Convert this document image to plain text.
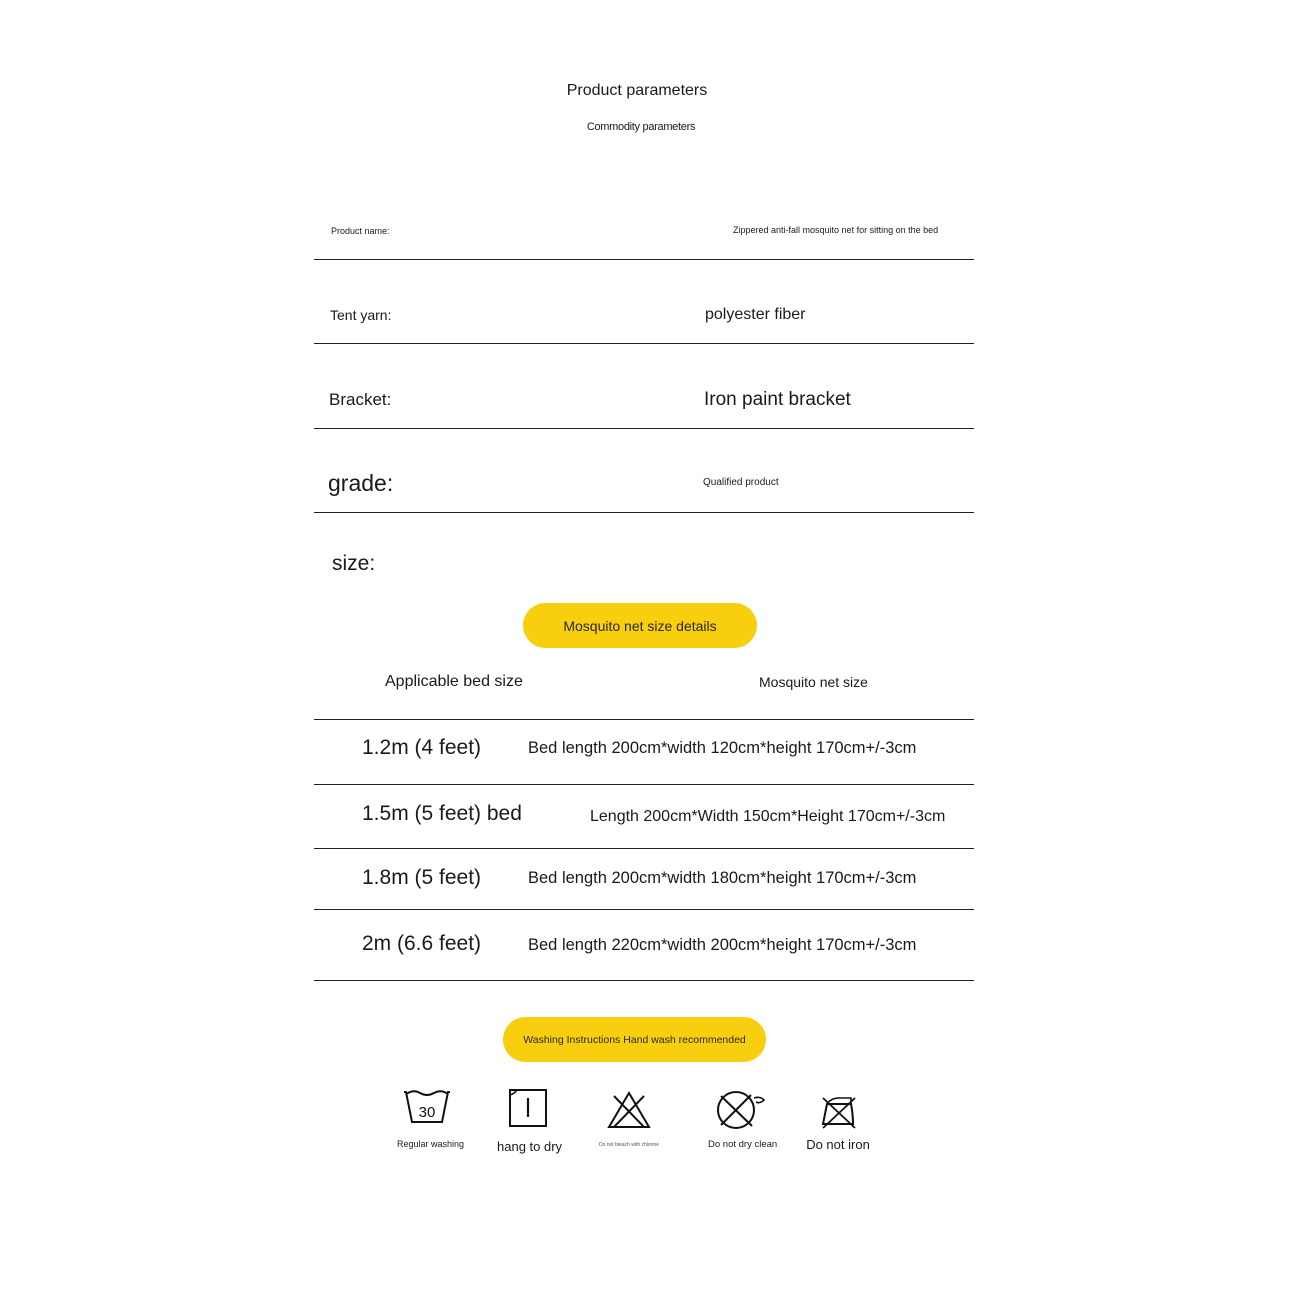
Product parameters
Commodity parameters
Product name:	Zippered anti-fall mosquito net for sitting on the bed
Tent yarn:	polyester fiber
Bracket:	Iron paint bracket
grade:	Qualified product
size:
Mosquito net size details
Applicable bed size	Mosquito net size
1.2m (4 feet)	Bed length 200cm*width 120cm*height 170cm+/-3cm
1.5m (5 feet) bed	Length 200cm*Width 150cm*Height 170cm+/-3cm
1.8m (5 feet)	Bed length 200cm*width 180cm*height 170cm+/-3cm
2m (6.6 feet)	Bed length 220cm*width 200cm*height 170cm+/-3cm
Washing Instructions Hand wash recommended
30
Regular washing	hang to dry	Do not bleach with chlorine	Do not dry clean Do not iron
